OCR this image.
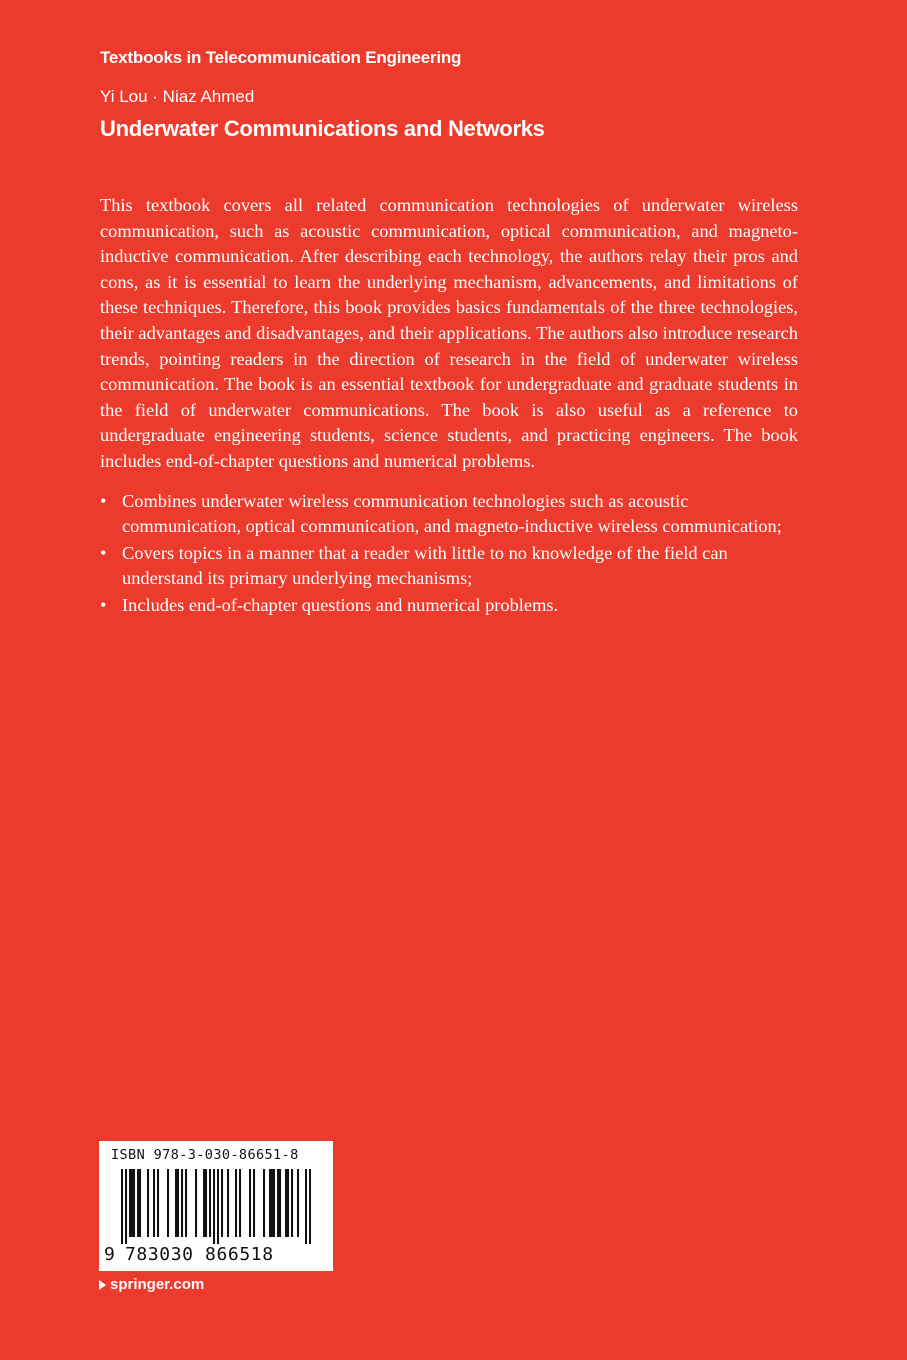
Textbooks in Telecommunication Engineering
Yi Lou · Niaz Ahmed
Underwater Communications and Networks

This textbook covers all related communication technologies of underwater wireless communication, such as acoustic communication, optical communication, and magneto-inductive communication. After describing each technology, the authors relay their pros and cons, as it is essential to learn the underlying mechanism, advancements, and limitations of these techniques. Therefore, this book provides basics fundamentals of the three technologies, their advantages and disadvantages, and their applications. The authors also introduce research trends, pointing readers in the direction of research in the field of underwater wireless communication. The book is an essential textbook for undergraduate and graduate students in the field of underwater communications. The book is also useful as a reference to undergraduate engineering students, science students, and practicing engineers. The book includes end-of-chapter questions and numerical problems.

• Combines underwater wireless communication technologies such as acoustic communication, optical communication, and magneto-inductive wireless communication;
• Covers topics in a manner that a reader with little to no knowledge of the field can understand its primary underlying mechanisms;
• Includes end-of-chapter questions and numerical problems.
ISBN 978-3-030-86651-8
9 783030 866518
springer.com
